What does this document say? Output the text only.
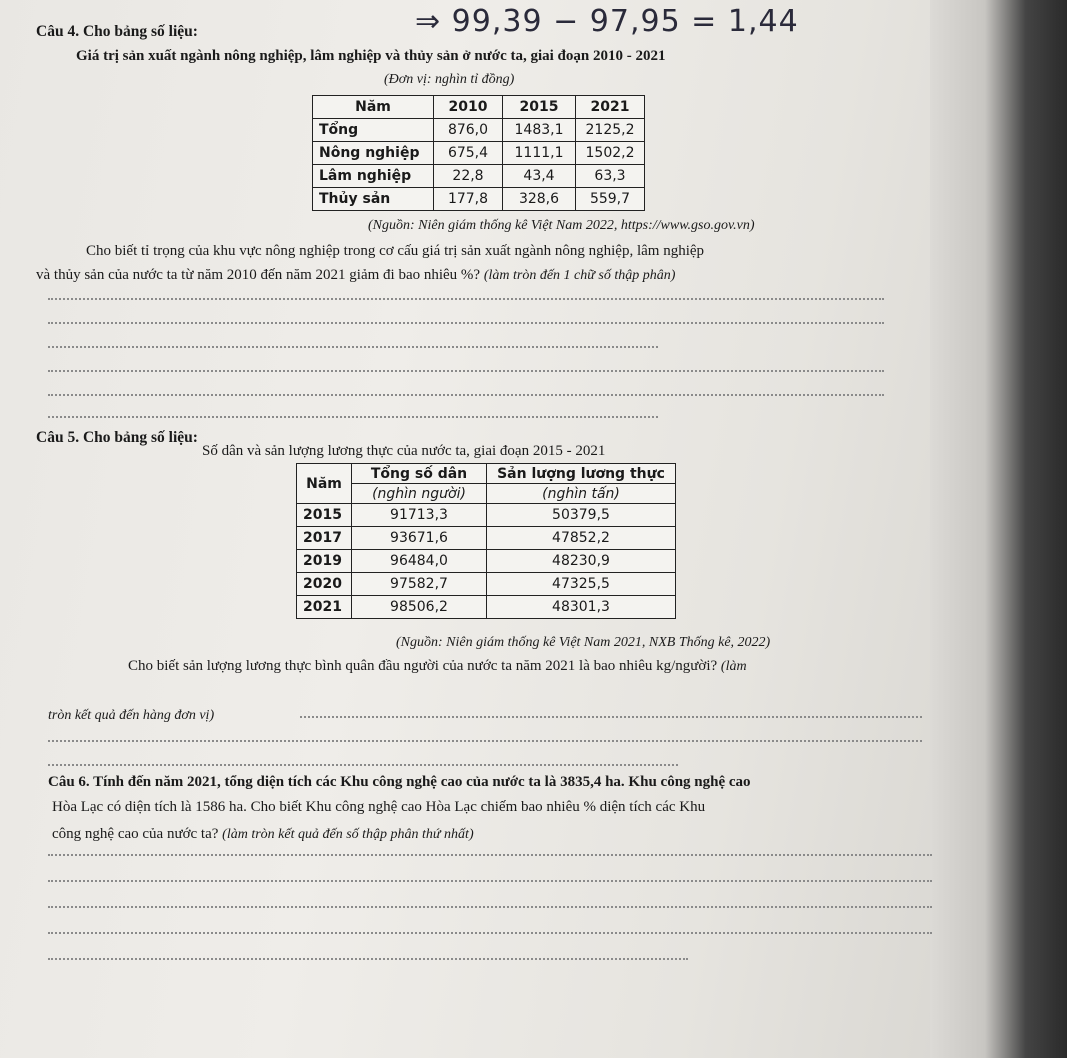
⇒ 99,39 − 97,95 = 1,44
Câu 4. Cho bảng số liệu:
Giá trị sản xuất ngành nông nghiệp, lâm nghiệp và thủy sản ở nước ta, giai đoạn 2010 - 2021
(Đơn vị: nghìn tỉ đồng)
Năm	2010	2015	2021
Tổng	876,0	1483,1	2125,2
Nông nghiệp	675,4	1111,1	1502,2
Lâm nghiệp	22,8	43,4	63,3
Thủy sản	177,8	328,6	559,7
(Nguồn: Niên giám thống kê Việt Nam 2022, https://www.gso.gov.vn)
Cho biết tỉ trọng của khu vực nông nghiệp trong cơ cấu giá trị sản xuất ngành nông nghiệp, lâm nghiệp
và thủy sản của nước ta từ năm 2010 đến năm 2021 giảm đi bao nhiêu %? (làm tròn đến 1 chữ số thập phân)
Câu 5. Cho bảng số liệu:
Số dân và sản lượng lương thực của nước ta, giai đoạn 2015 - 2021
Năm	Tổng số dân	Sản lượng lương thực
	(nghìn người)	(nghìn tấn)
2015	91713,3	50379,5
2017	93671,6	47852,2
2019	96484,0	48230,9
2020	97582,7	47325,5
2021	98506,2	48301,3
(Nguồn: Niên giám thống kê Việt Nam 2021, NXB Thống kê, 2022)
Cho biết sản lượng lương thực bình quân đầu người của nước ta năm 2021 là bao nhiêu kg/người? (làm
tròn kết quả đến hàng đơn vị)
Câu 6. Tính đến năm 2021, tổng diện tích các Khu công nghệ cao của nước ta là 3835,4 ha. Khu công nghệ cao
Hòa Lạc có diện tích là 1586 ha. Cho biết Khu công nghệ cao Hòa Lạc chiếm bao nhiêu % diện tích các Khu
công nghệ cao của nước ta? (làm tròn kết quả đến số thập phân thứ nhất)
